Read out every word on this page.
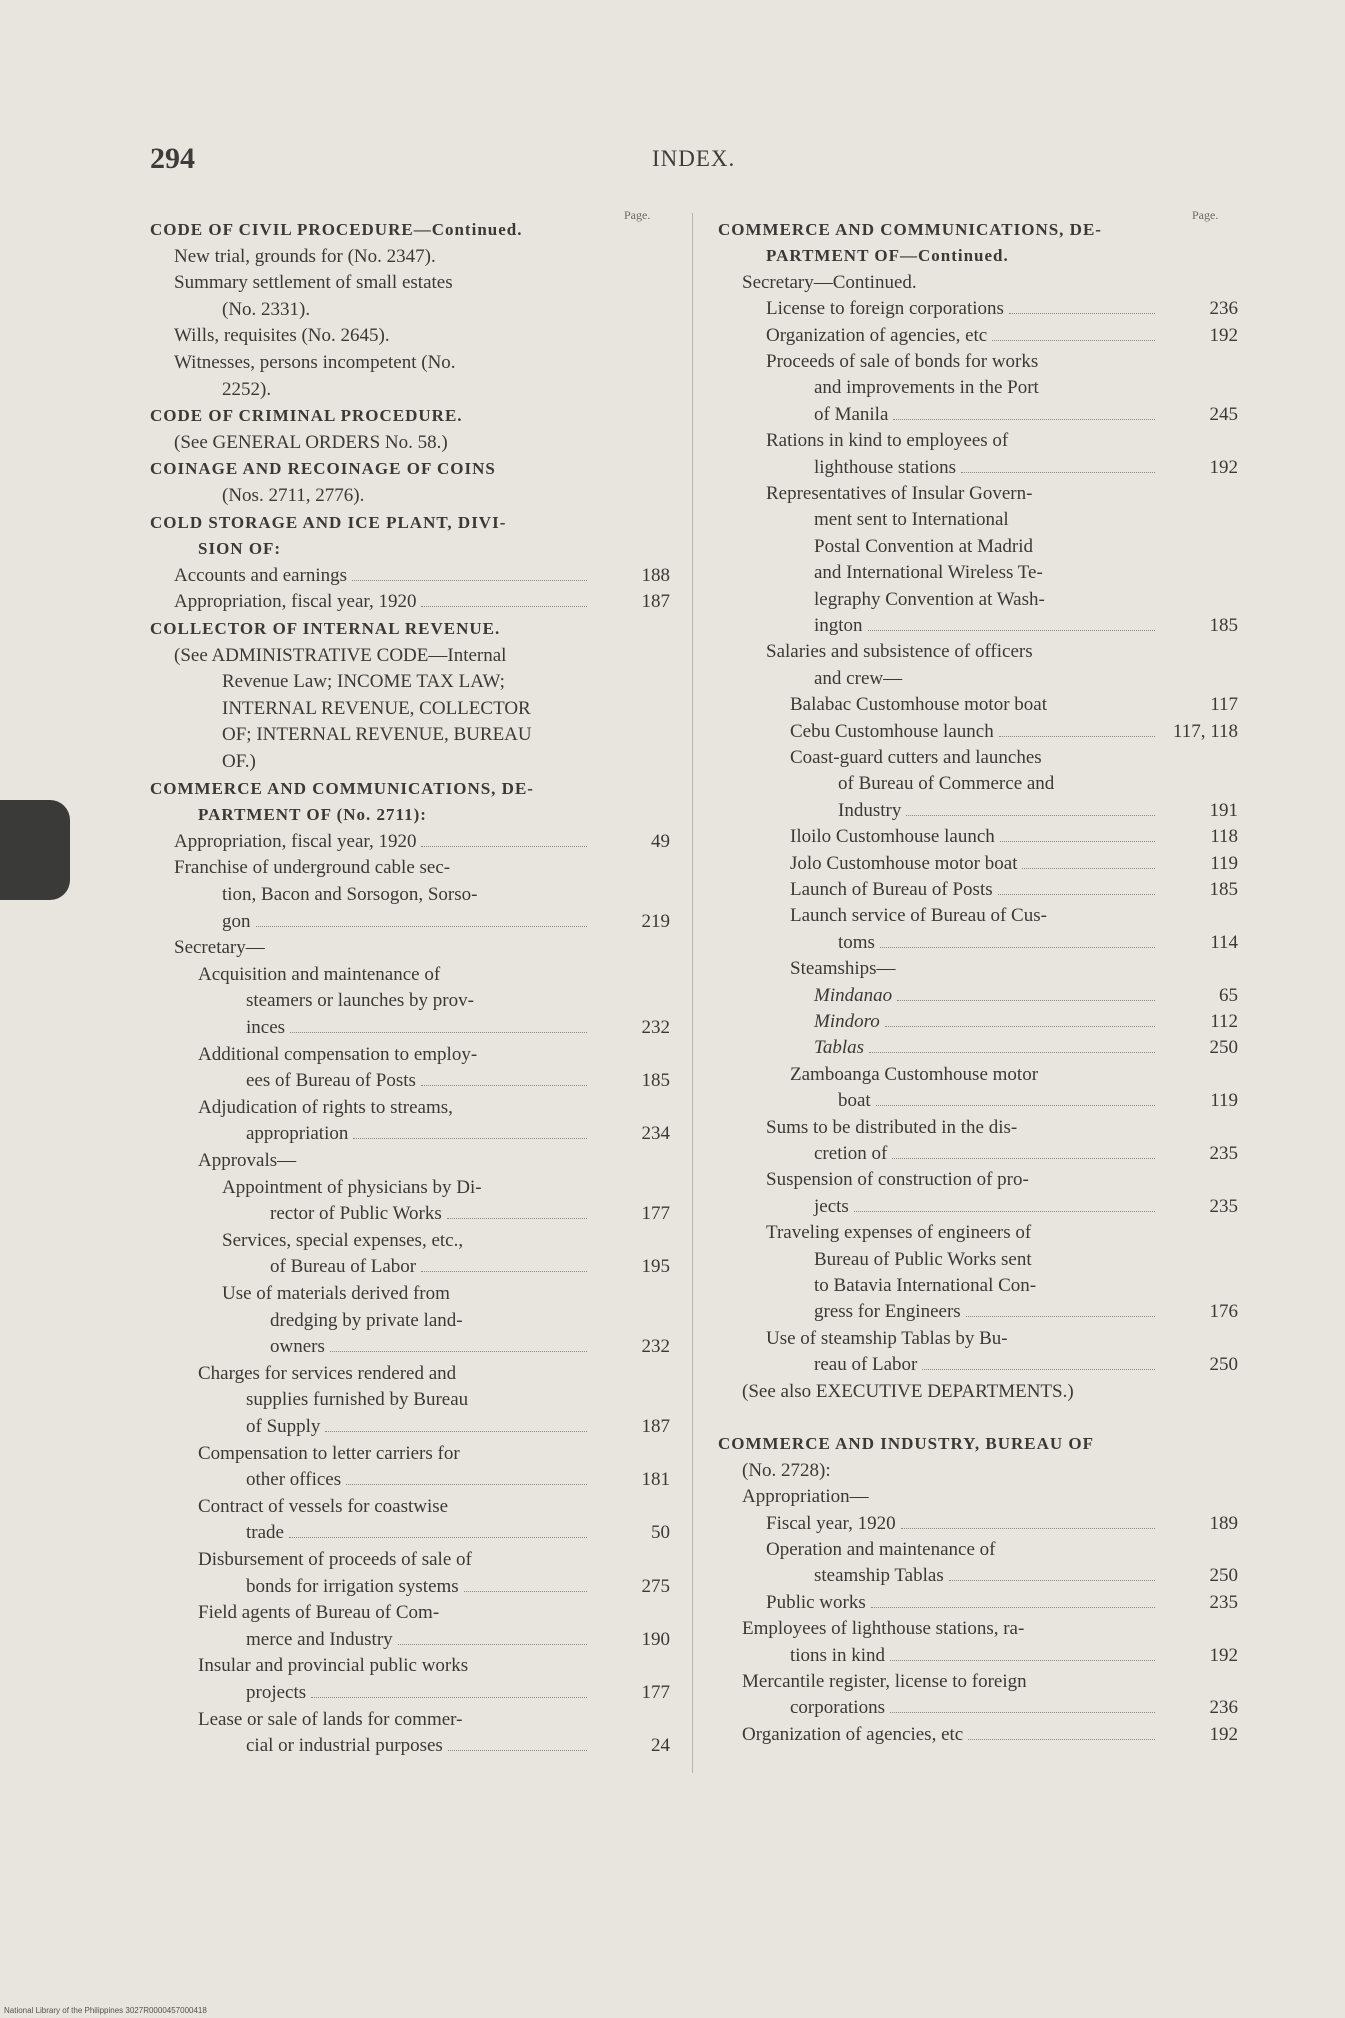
294	INDEX.
Page.	Page.
CODE OF CIVIL PROCEDURE—Continued.
New trial, grounds for (No. 2347).
Summary settlement of small estates
(No. 2331).
Wills, requisites (No. 2645).
Witnesses, persons incompetent (No.
2252).
CODE OF CRIMINAL PROCEDURE.
(See GENERAL ORDERS No. 58.)
COINAGE AND RECOINAGE OF COINS
(Nos. 2711, 2776).
COLD STORAGE AND ICE PLANT, DIVI-
SION OF:
Accounts and earnings	188
Appropriation, fiscal year, 1920	187
COLLECTOR OF INTERNAL REVENUE.
(See ADMINISTRATIVE CODE—Internal
Revenue Law; INCOME TAX LAW;
INTERNAL REVENUE, COLLECTOR
OF; INTERNAL REVENUE, BUREAU
OF.)
COMMERCE AND COMMUNICATIONS, DE-
PARTMENT OF (No. 2711):
Appropriation, fiscal year, 1920	49
Franchise of underground cable sec-
tion, Bacon and Sorsogon, Sorso-
gon	219
Secretary—
Acquisition and maintenance of
steamers or launches by prov-
inces	232
Additional compensation to employ-
ees of Bureau of Posts	185
Adjudication of rights to streams,
appropriation	234
Approvals—
Appointment of physicians by Di-
rector of Public Works	177
Services, special expenses, etc.,
of Bureau of Labor	195
Use of materials derived from
dredging by private land-
owners	232
Charges for services rendered and
supplies furnished by Bureau
of Supply	187
Compensation to letter carriers for
other offices	181
Contract of vessels for coastwise
trade	50
Disbursement of proceeds of sale of
bonds for irrigation systems	275
Field agents of Bureau of Com-
merce and Industry	190
Insular and provincial public works
projects	177
Lease or sale of lands for commer-
cial or industrial purposes	24
COMMERCE AND COMMUNICATIONS, DE-
PARTMENT OF—Continued.
Secretary—Continued.
License to foreign corporations	236
Organization of agencies, etc	192
Proceeds of sale of bonds for works
and improvements in the Port
of Manila	245
Rations in kind to employees of
lighthouse stations	192
Representatives of Insular Govern-
ment sent to International
Postal Convention at Madrid
and International Wireless Te-
legraphy Convention at Wash-
ington	185
Salaries and subsistence of officers
and crew—
Balabac Customhouse motor boat	117
Cebu Customhouse launch	117, 118
Coast-guard cutters and launches
of Bureau of Commerce and
Industry	191
Iloilo Customhouse launch	118
Jolo Customhouse motor boat	119
Launch of Bureau of Posts	185
Launch service of Bureau of Cus-
toms	114
Steamships—
Mindanao	65
Mindoro	112
Tablas	250
Zamboanga Customhouse motor
boat	119
Sums to be distributed in the dis-
cretion of	235
Suspension of construction of pro-
jects	235
Traveling expenses of engineers of
Bureau of Public Works sent
to Batavia International Con-
gress for Engineers	176
Use of steamship Tablas by Bu-
reau of Labor	250
(See also EXECUTIVE DEPARTMENTS.)
COMMERCE AND INDUSTRY, BUREAU OF
(No. 2728):
Appropriation—
Fiscal year, 1920	189
Operation and maintenance of
steamship Tablas	250
Public works	235
Employees of lighthouse stations, ra-
tions in kind	192
Mercantile register, license to foreign
corporations	236
Organization of agencies, etc	192
National Library of the Philippines 3027R0000457000418
